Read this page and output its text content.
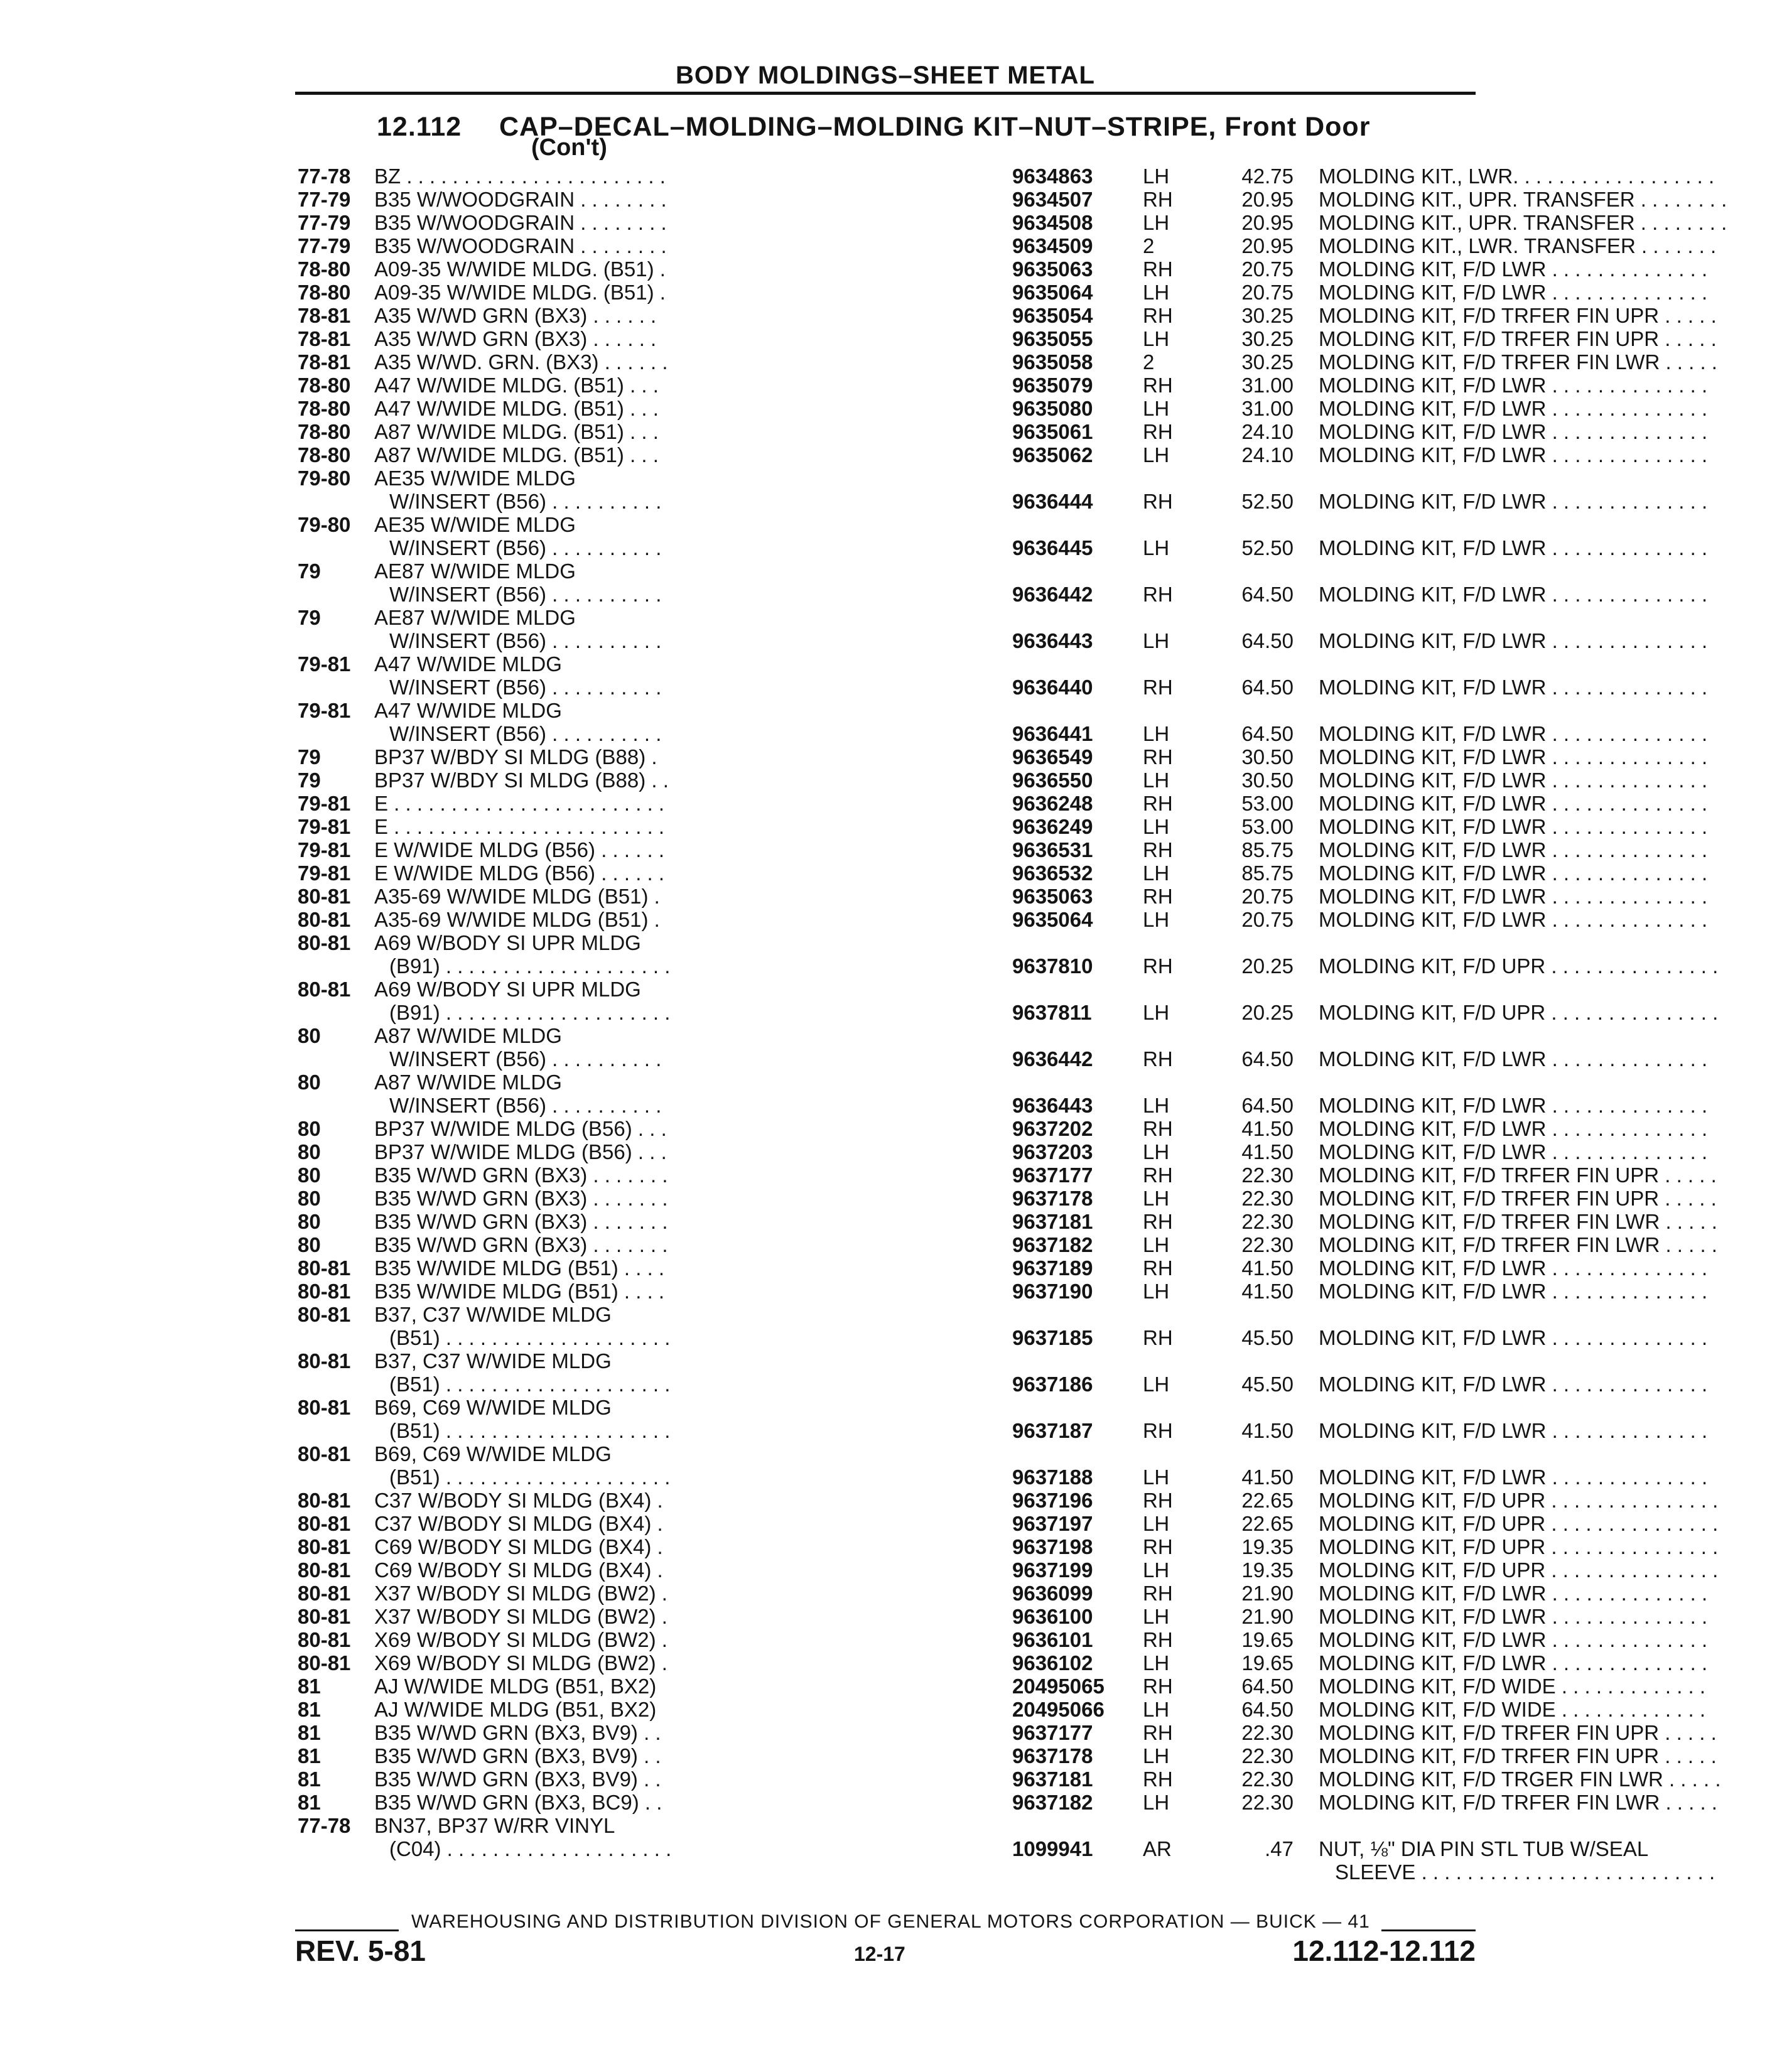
BODY MOLDINGS–SHEET METAL
12.112 CAP–DECAL–MOLDING–MOLDING KIT–NUT–STRIPE, Front Door
(Con't)
77-78 BZ . . . . . . . . . . . . . . . . . . . . . . .	9634863 LH	42.75 MOLDING KIT., LWR. . . . . . . . . . . . . . . . . .
77-79 B35 W/WOODGRAIN . . . . . . . .	9634507 RH	20.95 MOLDING KIT., UPR. TRANSFER . . . . . . . .
77-79 B35 W/WOODGRAIN . . . . . . . .	9634508 LH	20.95 MOLDING KIT., UPR. TRANSFER . . . . . . . .
77-79 B35 W/WOODGRAIN . . . . . . . .	9634509 2	20.95 MOLDING KIT., LWR. TRANSFER . . . . . . .
78-80 A09-35 W/WIDE MLDG. (B51) .	9635063 RH	20.75 MOLDING KIT, F/D LWR . . . . . . . . . . . . . .
78-80 A09-35 W/WIDE MLDG. (B51) .	9635064 LH	20.75 MOLDING KIT, F/D LWR . . . . . . . . . . . . . .
78-81 A35 W/WD GRN (BX3) . . . . . .	9635054 RH	30.25 MOLDING KIT, F/D TRFER FIN UPR . . . . .
78-81 A35 W/WD GRN (BX3) . . . . . .	9635055 LH	30.25 MOLDING KIT, F/D TRFER FIN UPR . . . . .
78-81 A35 W/WD. GRN. (BX3) . . . . . .	9635058 2	30.25 MOLDING KIT, F/D TRFER FIN LWR . . . . .
78-80 A47 W/WIDE MLDG. (B51) . . .	9635079 RH	31.00 MOLDING KIT, F/D LWR . . . . . . . . . . . . . .
78-80 A47 W/WIDE MLDG. (B51) . . .	9635080 LH	31.00 MOLDING KIT, F/D LWR . . . . . . . . . . . . . .
78-80 A87 W/WIDE MLDG. (B51) . . .	9635061 RH	24.10 MOLDING KIT, F/D LWR . . . . . . . . . . . . . .
78-80 A87 W/WIDE MLDG. (B51) . . .	9635062 LH	24.10 MOLDING KIT, F/D LWR . . . . . . . . . . . . . .
79-80 AE35 W/WIDE MLDG
W/INSERT (B56) . . . . . . . . . .	9636444 RH	52.50 MOLDING KIT, F/D LWR . . . . . . . . . . . . . .
79-80 AE35 W/WIDE MLDG
W/INSERT (B56) . . . . . . . . . .	9636445 LH	52.50 MOLDING KIT, F/D LWR . . . . . . . . . . . . . .
79	AE87 W/WIDE MLDG
W/INSERT (B56) . . . . . . . . . .	9636442 RH	64.50 MOLDING KIT, F/D LWR . . . . . . . . . . . . . .
79	AE87 W/WIDE MLDG
W/INSERT (B56) . . . . . . . . . .	9636443 LH	64.50 MOLDING KIT, F/D LWR . . . . . . . . . . . . . .
79-81 A47 W/WIDE MLDG
W/INSERT (B56) . . . . . . . . . .	9636440 RH	64.50 MOLDING KIT, F/D LWR . . . . . . . . . . . . . .
79-81 A47 W/WIDE MLDG
W/INSERT (B56) . . . . . . . . . .	9636441 LH	64.50 MOLDING KIT, F/D LWR . . . . . . . . . . . . . .
79	BP37 W/BDY SI MLDG (B88) .	9636549 RH	30.50 MOLDING KIT, F/D LWR . . . . . . . . . . . . . .
79	BP37 W/BDY SI MLDG (B88) . .	9636550 LH	30.50 MOLDING KIT, F/D LWR . . . . . . . . . . . . . .
79-81 E . . . . . . . . . . . . . . . . . . . . . . . .	9636248 RH	53.00 MOLDING KIT, F/D LWR . . . . . . . . . . . . . .
79-81 E . . . . . . . . . . . . . . . . . . . . . . . .	9636249 LH	53.00 MOLDING KIT, F/D LWR . . . . . . . . . . . . . .
79-81 E W/WIDE MLDG (B56) . . . . . .	9636531 RH	85.75 MOLDING KIT, F/D LWR . . . . . . . . . . . . . .
79-81 E W/WIDE MLDG (B56) . . . . . .	9636532 LH	85.75 MOLDING KIT, F/D LWR . . . . . . . . . . . . . .
80-81 A35-69 W/WIDE MLDG (B51) .	9635063 RH	20.75 MOLDING KIT, F/D LWR . . . . . . . . . . . . . .
80-81 A35-69 W/WIDE MLDG (B51) .	9635064 LH	20.75 MOLDING KIT, F/D LWR . . . . . . . . . . . . . .
80-81 A69 W/BODY SI UPR MLDG
(B91) . . . . . . . . . . . . . . . . . . . .	9637810 RH	20.25 MOLDING KIT, F/D UPR . . . . . . . . . . . . . . .
80-81 A69 W/BODY SI UPR MLDG
(B91) . . . . . . . . . . . . . . . . . . . .	9637811 LH	20.25 MOLDING KIT, F/D UPR . . . . . . . . . . . . . . .
80	A87 W/WIDE MLDG
W/INSERT (B56) . . . . . . . . . .	9636442 RH	64.50 MOLDING KIT, F/D LWR . . . . . . . . . . . . . .
80	A87 W/WIDE MLDG
W/INSERT (B56) . . . . . . . . . .	9636443 LH	64.50 MOLDING KIT, F/D LWR . . . . . . . . . . . . . .
80	BP37 W/WIDE MLDG (B56) . . .	9637202 RH	41.50 MOLDING KIT, F/D LWR . . . . . . . . . . . . . .
80	BP37 W/WIDE MLDG (B56) . . .	9637203 LH	41.50 MOLDING KIT, F/D LWR . . . . . . . . . . . . . .
80	B35 W/WD GRN (BX3) . . . . . . .	9637177 RH	22.30 MOLDING KIT, F/D TRFER FIN UPR . . . . .
80	B35 W/WD GRN (BX3) . . . . . . .	9637178 LH	22.30 MOLDING KIT, F/D TRFER FIN UPR . . . . .
80	B35 W/WD GRN (BX3) . . . . . . .	9637181 RH	22.30 MOLDING KIT, F/D TRFER FIN LWR . . . . .
80	B35 W/WD GRN (BX3) . . . . . . .	9637182 LH	22.30 MOLDING KIT, F/D TRFER FIN LWR . . . . .
80-81 B35 W/WIDE MLDG (B51) . . . .	9637189 RH	41.50 MOLDING KIT, F/D LWR . . . . . . . . . . . . . .
80-81 B35 W/WIDE MLDG (B51) . . . .	9637190 LH	41.50 MOLDING KIT, F/D LWR . . . . . . . . . . . . . .
80-81 B37, C37 W/WIDE MLDG
(B51) . . . . . . . . . . . . . . . . . . . .	9637185 RH	45.50 MOLDING KIT, F/D LWR . . . . . . . . . . . . . .
80-81 B37, C37 W/WIDE MLDG
(B51) . . . . . . . . . . . . . . . . . . . .	9637186 LH	45.50 MOLDING KIT, F/D LWR . . . . . . . . . . . . . .
80-81 B69, C69 W/WIDE MLDG
(B51) . . . . . . . . . . . . . . . . . . . .	9637187 RH	41.50 MOLDING KIT, F/D LWR . . . . . . . . . . . . . .
80-81 B69, C69 W/WIDE MLDG
(B51) . . . . . . . . . . . . . . . . . . . .	9637188 LH	41.50 MOLDING KIT, F/D LWR . . . . . . . . . . . . . .
80-81 C37 W/BODY SI MLDG (BX4) .	9637196 RH	22.65 MOLDING KIT, F/D UPR . . . . . . . . . . . . . . .
80-81 C37 W/BODY SI MLDG (BX4) .	9637197 LH	22.65 MOLDING KIT, F/D UPR . . . . . . . . . . . . . . .
80-81 C69 W/BODY SI MLDG (BX4) .	9637198 RH	19.35 MOLDING KIT, F/D UPR . . . . . . . . . . . . . . .
80-81 C69 W/BODY SI MLDG (BX4) .	9637199 LH	19.35 MOLDING KIT, F/D UPR . . . . . . . . . . . . . . .
80-81 X37 W/BODY SI MLDG (BW2) .	9636099 RH	21.90 MOLDING KIT, F/D LWR . . . . . . . . . . . . . .
80-81 X37 W/BODY SI MLDG (BW2) .	9636100 LH	21.90 MOLDING KIT, F/D LWR . . . . . . . . . . . . . .
80-81 X69 W/BODY SI MLDG (BW2) .	9636101 RH	19.65 MOLDING KIT, F/D LWR . . . . . . . . . . . . . .
80-81 X69 W/BODY SI MLDG (BW2) .	9636102 LH	19.65 MOLDING KIT, F/D LWR . . . . . . . . . . . . . .
81	AJ W/WIDE MLDG (B51, BX2)	20495065 RH	64.50 MOLDING KIT, F/D WIDE . . . . . . . . . . . . .
81	AJ W/WIDE MLDG (B51, BX2)	20495066 LH	64.50 MOLDING KIT, F/D WIDE . . . . . . . . . . . . .
81	B35 W/WD GRN (BX3, BV9) . .	9637177 RH	22.30 MOLDING KIT, F/D TRFER FIN UPR . . . . .
81	B35 W/WD GRN (BX3, BV9) . .	9637178 LH	22.30 MOLDING KIT, F/D TRFER FIN UPR . . . . .
81	B35 W/WD GRN (BX3, BV9) . .	9637181 RH	22.30 MOLDING KIT, F/D TRGER FIN LWR . . . . .
81	B35 W/WD GRN (BX3, BC9) . .	9637182 LH	22.30 MOLDING KIT, F/D TRFER FIN LWR . . . . .
77-78 BN37, BP37 W/RR VINYL
(C04) . . . . . . . . . . . . . . . . . . . .	1099941 AR	.47 NUT, ⅛" DIA PIN STL TUB W/SEAL
SLEEVE . . . . . . . . . . . . . . . . . . . . . . . . . .
WAREHOUSING AND DISTRIBUTION DIVISION OF GENERAL MOTORS CORPORATION — BUICK — 41
REV. 5-81	12-17	12.112-12.112
